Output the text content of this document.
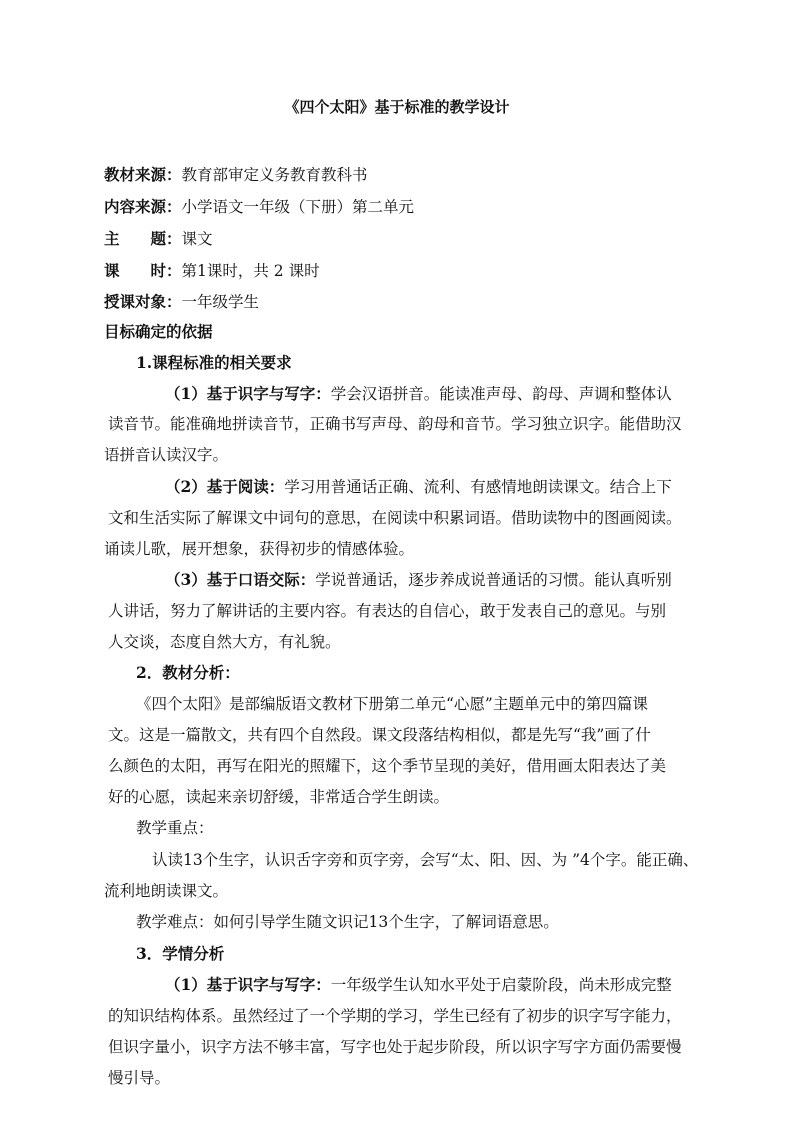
《四个太阳》基于标准的教学设计
教材来源：教育部审定义务教育教科书
内容来源：小学语文一年级（下册）第二单元
主　　题：课文
课　　时：第1课时，共 2 课时
授课对象：一年级学生
目标确定的依据
1.课程标准的相关要求
（1）基于识字与写字：学会汉语拼音。能读准声母、韵母、声调和整体认
读音节。能准确地拼读音节，正确书写声母、韵母和音节。学习独立识字。能借助汉
语拼音认读汉字。
（2）基于阅读：学习用普通话正确、流利、有感情地朗读课文。结合上下
文和生活实际了解课文中词句的意思，在阅读中积累词语。借助读物中的图画阅读。
诵读儿歌，展开想象，获得初步的情感体验。
（3）基于口语交际：学说普通话，逐步养成说普通话的习惯。能认真听别
人讲话，努力了解讲话的主要内容。有表达的自信心，敢于发表自己的意见。与别
人交谈，态度自然大方，有礼貌。
2．教材分析：
《四个太阳》是部编版语文教材下册第二单元“心愿”主题单元中的第四篇课
文。这是一篇散文，共有四个自然段。课文段落结构相似，都是先写“我”画了什
么颜色的太阳，再写在阳光的照耀下，这个季节呈现的美好，借用画太阳表达了美
好的心愿，读起来亲切舒缓，非常适合学生朗读。
教学重点：
认读13个生字，认识舌字旁和页字旁，会写“太、阳、因、为 ”4个字。能正确、
流利地朗读课文。
教学难点：如何引导学生随文识记13个生字，了解词语意思。
3．学情分析
（1）基于识字与写字：一年级学生认知水平处于启蒙阶段，尚未形成完整
的知识结构体系。虽然经过了一个学期的学习，学生已经有了初步的识字写字能力，
但识字量小，识字方法不够丰富，写字也处于起步阶段，所以识字写字方面仍需要慢
慢引导。
